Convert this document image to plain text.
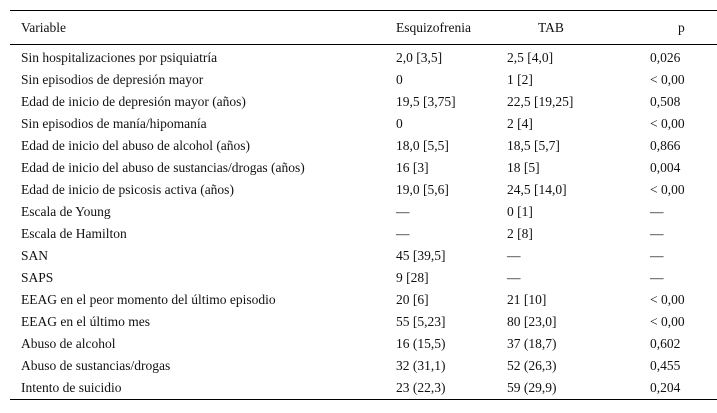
Variable	Esquizofrenia	TAB	p
Sin hospitalizaciones por psiquiatría	2,0 [3,5]	2,5 [4,0]	0,026
Sin episodios de depresión mayor	0	1 [2]	< 0,00
Edad de inicio de depresión mayor (años)	19,5 [3,75]	22,5 [19,25]	0,508
Sin episodios de manía/hipomanía	0	2 [4]	< 0,00
Edad de inicio del abuso de alcohol (años)	18,0 [5,5]	18,5 [5,7]	0,866
Edad de inicio del abuso de sustancias/drogas (años)	16 [3]	18 [5]	0,004
Edad de inicio de psicosis activa (años)	19,0 [5,6]	24,5 [14,0]	< 0,00
Escala de Young	—	0 [1]	—
Escala de Hamilton	—	2 [8]	—
SAN	45 [39,5]	—	—
SAPS	9 [28]	—	—
EEAG en el peor momento del último episodio	20 [6]	21 [10]	< 0,00
EEAG en el último mes	55 [5,23]	80 [23,0]	< 0,00
Abuso de alcohol	16 (15,5)	37 (18,7)	0,602
Abuso de sustancias/drogas	32 (31,1)	52 (26,3)	0,455
Intento de suicidio	23 (22,3)	59 (29,9)	0,204
